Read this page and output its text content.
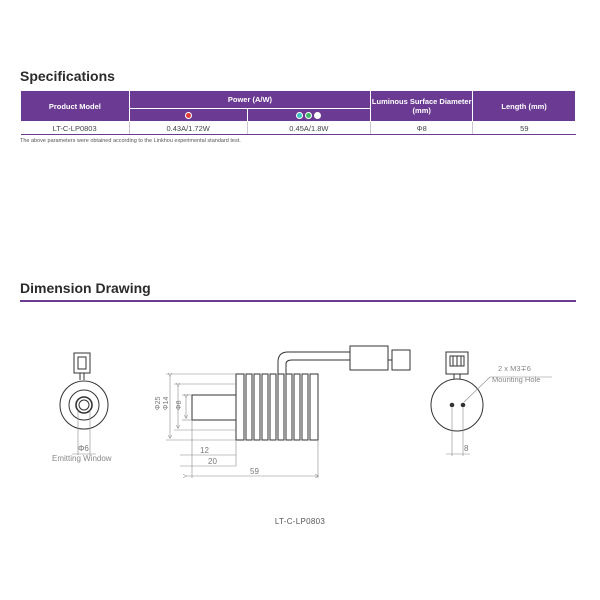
Specifications
Product Model	Power (A/W)		Luminous Surface Diameter (mm)	Length (mm)

LT-C-LP0803	0.43A/1.72W	0.45A/1.8W	Φ8	59
The above parameters were obtained according to the Linkhou experimental standard test.
Dimension Drawing
Φ6
Emitting Window
Φ25 Φ14 Φ8
12
20
59
2 x M3∓6
Mounting Hole
8
LT-C-LP0803
